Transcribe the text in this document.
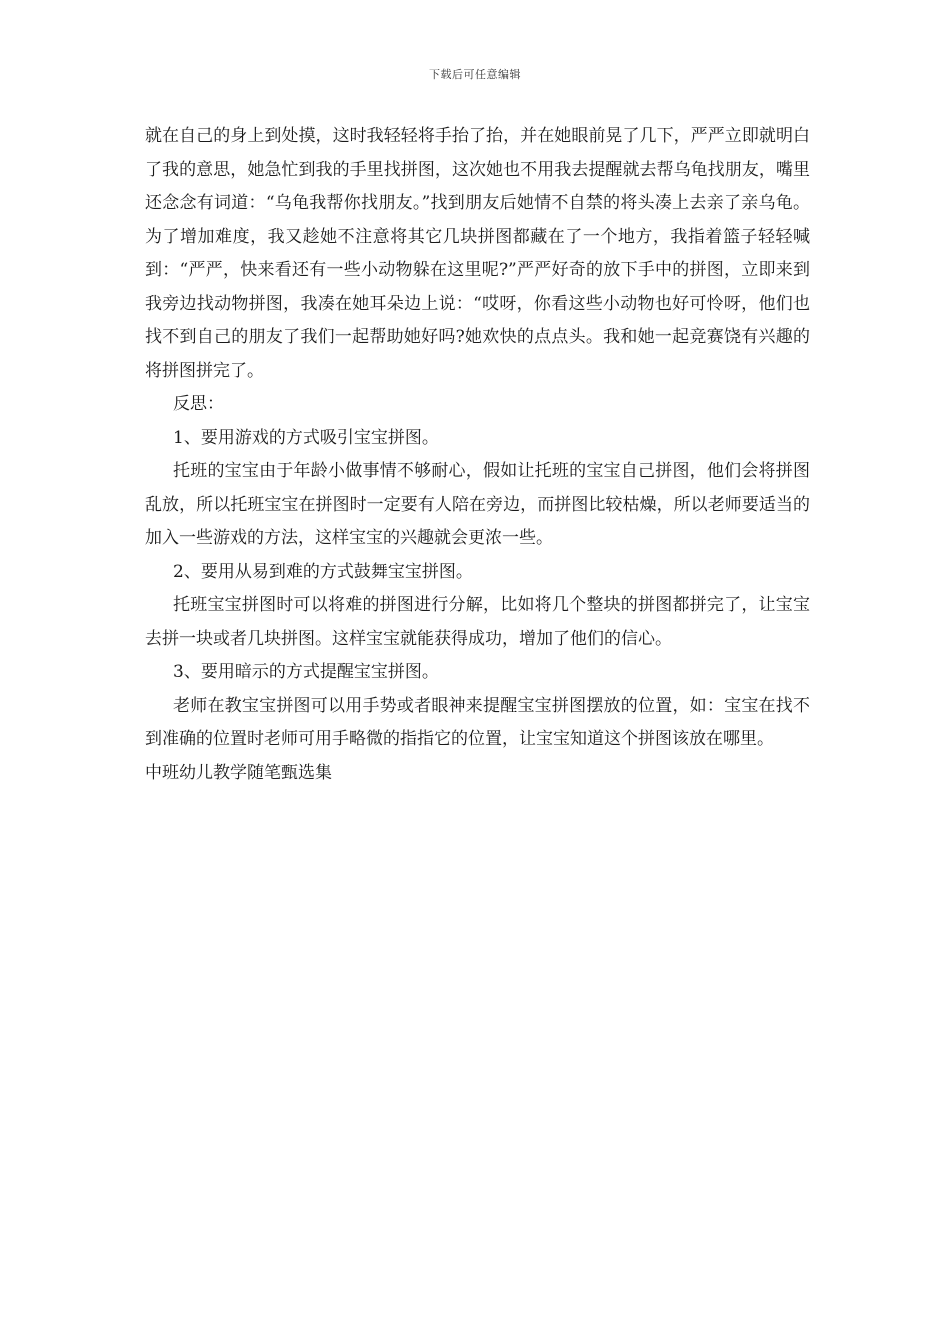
下载后可任意编辑

就在自己的身上到处摸，这时我轻轻将手抬了抬，并在她眼前晃了几下，严严立即就明白了我的意思，她急忙到我的手里找拼图，这次她也不用我去提醒就去帮乌龟找朋友，嘴里还念念有词道：“乌龟我帮你找朋友。”找到朋友后她情不自禁的将头凑上去亲了亲乌龟。为了增加难度，我又趁她不注意将其它几块拼图都藏在了一个地方，我指着篮子轻轻喊到：“严严，快来看还有一些小动物躲在这里呢?”严严好奇的放下手中的拼图，立即来到我旁边找动物拼图，我凑在她耳朵边上说：“哎呀，你看这些小动物也好可怜呀，他们也找不到自己的朋友了我们一起帮助她好吗?她欢快的点点头。我和她一起竞赛饶有兴趣的将拼图拼完了。

反思：

1、要用游戏的方式吸引宝宝拼图。

托班的宝宝由于年龄小做事情不够耐心，假如让托班的宝宝自己拼图，他们会将拼图乱放，所以托班宝宝在拼图时一定要有人陪在旁边，而拼图比较枯燥，所以老师要适当的加入一些游戏的方法，这样宝宝的兴趣就会更浓一些。

2、要用从易到难的方式鼓舞宝宝拼图。

托班宝宝拼图时可以将难的拼图进行分解，比如将几个整块的拼图都拼完了，让宝宝去拼一块或者几块拼图。这样宝宝就能获得成功，增加了他们的信心。

3、要用暗示的方式提醒宝宝拼图。

老师在教宝宝拼图可以用手势或者眼神来提醒宝宝拼图摆放的位置，如：宝宝在找不到准确的位置时老师可用手略微的指指它的位置，让宝宝知道这个拼图该放在哪里。

中班幼儿教学随笔甄选集
